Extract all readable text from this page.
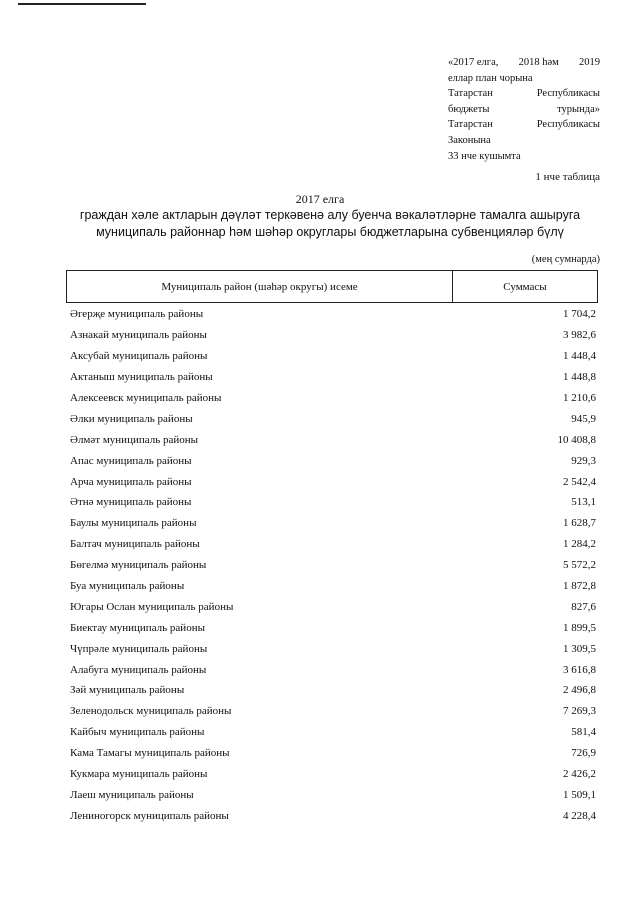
«2017 елга, 2018 һәм 2019
еллар план чорына
Татарстан	Республикасы
бюджеты	турында»
Татарстан	Республикасы
Законына
33 нче кушымта
1 нче таблица
2017 елга
граждан хәле актларын дәүләт теркәвенә алу буенча вәкаләтләрне тамалга ашыруга
муниципаль районнар һәм шәһәр округлары бюджетларына субвенцияләр бүлү
(мең сумнарда)
Муниципаль район (шәһәр округы) исеме	Суммасы
Әгерҗе муниципаль районы	1 704,2
Азнакай муниципаль районы	3 982,6
Аксубай муниципаль районы	1 448,4
Актаныш муниципаль районы	1 448,8
Алексеевск муниципаль районы	1 210,6
Әлки муниципаль районы	945,9
Әлмәт муниципаль районы	10 408,8
Апас муниципаль районы	929,3
Арча муниципаль районы	2 542,4
Әтнә муниципаль районы	513,1
Баулы муниципаль районы	1 628,7
Балтач муниципаль районы	1 284,2
Бөгелмә муниципаль районы	5 572,2
Буа муниципаль районы	1 872,8
Югары Ослан муниципаль районы	827,6
Биектау муниципаль районы	1 899,5
Чүпрәле муниципаль районы	1 309,5
Алабуга муниципаль районы	3 616,8
Зәй муниципаль районы	2 496,8
Зеленодольск муниципаль районы	7 269,3
Кайбыч муниципаль районы	581,4
Кама Тамагы муниципаль районы	726,9
Кукмара муниципаль районы	2 426,2
Лаеш муниципаль районы	1 509,1
Лениногорск муниципаль районы	4 228,4
